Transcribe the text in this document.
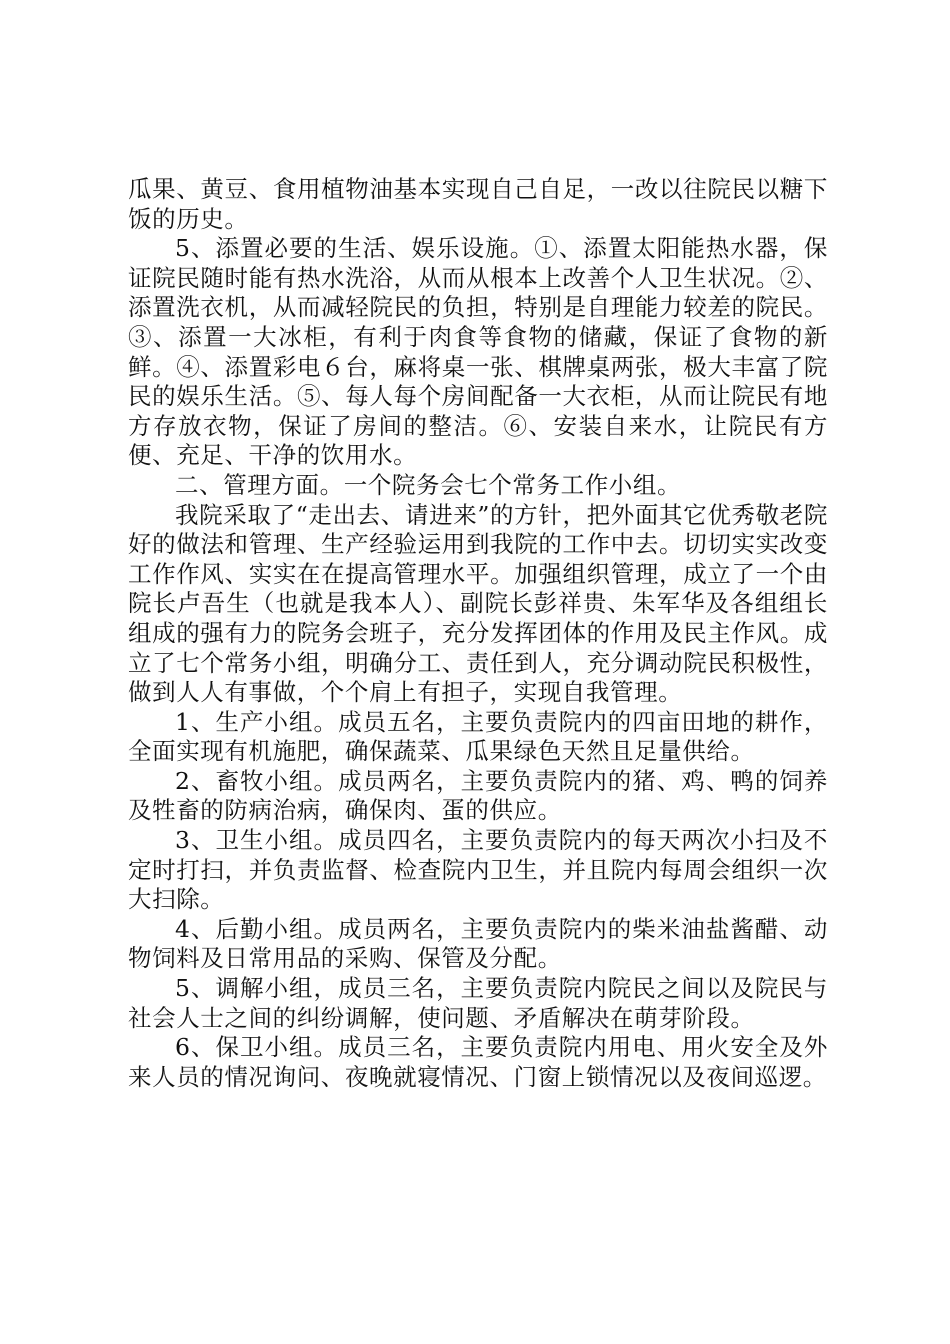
瓜果、黄豆、食用植物油基本实现自己自足，一改以往院民以糖下饭的历史。

5、添置必要的生活、娱乐设施。①、添置太阳能热水器，保证院民随时能有热水洗浴，从而从根本上改善个人卫生状况。②、添置洗衣机，从而减轻院民的负担，特别是自理能力较差的院民。③、添置一大冰柜，有利于肉食等食物的储藏，保证了食物的新鲜。④、添置彩电６台，麻将桌一张、棋牌桌两张，极大丰富了院民的娱乐生活。⑤、每人每个房间配备一大衣柜，从而让院民有地方存放衣物，保证了房间的整洁。⑥、安装自来水，让院民有方便、充足、干净的饮用水。

二、管理方面。一个院务会七个常务工作小组。

我院采取了“走出去、请进来”的方针，把外面其它优秀敬老院好的做法和管理、生产经验运用到我院的工作中去。切切实实改变工作作风、实实在在提高管理水平。加强组织管理，成立了一个由院长卢吾生（也就是我本人）、副院长彭祥贵、朱军华及各组组长组成的强有力的院务会班子，充分发挥团体的作用及民主作风。成立了七个常务小组，明确分工、责任到人，充分调动院民积极性，做到人人有事做，个个肩上有担子，实现自我管理。

1、生产小组。成员五名，主要负责院内的四亩田地的耕作，全面实现有机施肥，确保蔬菜、瓜果绿色天然且足量供给。

2、畜牧小组。成员两名，主要负责院内的猪、鸡、鸭的饲养及牲畜的防病治病，确保肉、蛋的供应。

3、卫生小组。成员四名，主要负责院内的每天两次小扫及不定时打扫，并负责监督、检查院内卫生，并且院内每周会组织一次大扫除。

4、后勤小组。成员两名，主要负责院内的柴米油盐酱醋、动物饲料及日常用品的采购、保管及分配。

5、调解小组，成员三名，主要负责院内院民之间以及院民与社会人士之间的纠纷调解，使问题、矛盾解决在萌芽阶段。

6、保卫小组。成员三名，主要负责院内用电、用火安全及外来人员的情况询问、夜晚就寝情况、门窗上锁情况以及夜间巡逻。
